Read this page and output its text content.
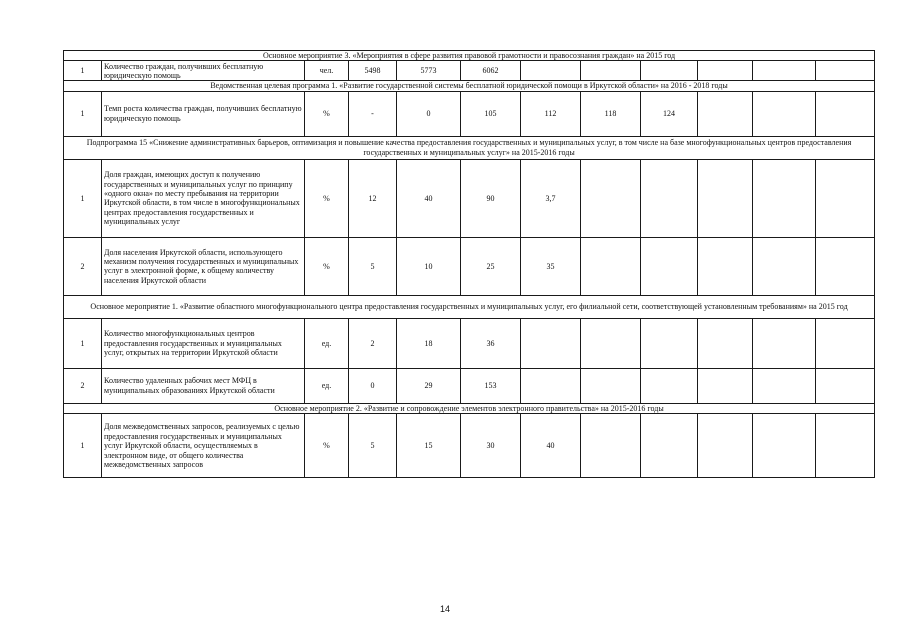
Основное мероприятие 3. «Мероприятия в сфере развития правовой грамотности и правосознания граждан» на 2015 год											
1	Количество граждан, получивших бесплатную юридическую помощь	чел.	5498	5773	6062						
Ведомственная целевая программа 1. «Развитие государственной системы бесплатной юридической помощи в Иркутской области» на 2016 - 2018 годы											
1	Темп роста количества граждан, получивших бесплатную юридическую помощь	%	-	0	105	112	118	124			
Подпрограмма 15 «Снижение административных барьеров, оптимизация и повышение качества предоставления государственных и муниципальных услуг, в том числе на базе многофункциональных центров предоставления государственных и муниципальных услуг» на 2015-2016 годы											
1	Доля граждан, имеющих доступ к получению государственных и муниципальных услуг по принципу «одного окна» по месту пребывания на территории Иркутской области, в том числе в многофункциональных центрах предоставления государственных и муниципальных услуг	%	12	40	90	3,7					
2	Доля населения Иркутской области, использующего механизм получения государственных и муниципальных услуг в электронной форме, к общему количеству населения Иркутской области	%	5	10	25	35					
Основное мероприятие 1. «Развитие областного многофункционального центра предоставления государственных и муниципальных услуг, его филиальной сети, соответствующей установленным требованиям» на 2015 год											
1	Количество многофункциональных центров предоставления государственных и муниципальных услуг, открытых на территории Иркутской области	ед.	2	18	36						
2	Количество удаленных рабочих мест МФЦ в муниципальных образованиях Иркутской области	ед.	0	29	153						
Основное мероприятие 2. «Развитие и сопровождение элементов электронного правительства» на 2015-2016 годы											
1	Доля межведомственных запросов, реализуемых с целью предоставления государственных и муниципальных услуг Иркутской области, осуществляемых в электронном виде, от общего количества межведомственных запросов	%	5	15	30	40					
14
